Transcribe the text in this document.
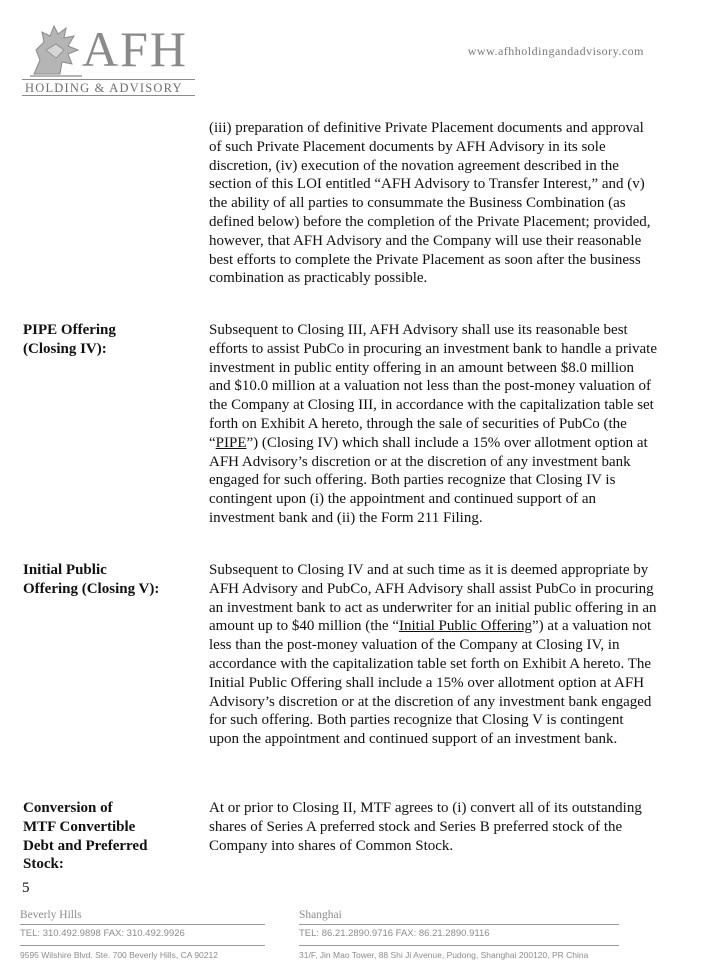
AFH
HOLDING & ADVISORY
www.afhholdingandadvisory.com

(iii) preparation of definitive Private Placement documents and approval of such Private Placement documents by AFH Advisory in its sole discretion, (iv) execution of the novation agreement described in the section of this LOI entitled “AFH Advisory to Transfer Interest,” and (v) the ability of all parties to consummate the Business Combination (as defined below) before the completion of the Private Placement; provided, however, that AFH Advisory and the Company will use their reasonable best efforts to complete the Private Placement as soon after the business combination as practicably possible.

PIPE Offering
(Closing IV):

Subsequent to Closing III, AFH Advisory shall use its reasonable best efforts to assist PubCo in procuring an investment bank to handle a private investment in public entity offering in an amount between $8.0 million and $10.0 million at a valuation not less than the post-money valuation of the Company at Closing III, in accordance with the capitalization table set forth on Exhibit A hereto, through the sale of securities of PubCo (the “PIPE”) (Closing IV) which shall include a 15% over allotment option at AFH Advisory’s discretion or at the discretion of any investment bank engaged for such offering. Both parties recognize that Closing IV is contingent upon (i) the appointment and continued support of an investment bank and (ii) the Form 211 Filing.

Initial Public
Offering (Closing V):

Subsequent to Closing IV and at such time as it is deemed appropriate by AFH Advisory and PubCo, AFH Advisory shall assist PubCo in procuring an investment bank to act as underwriter for an initial public offering in an amount up to $40 million (the “Initial Public Offering”) at a valuation not less than the post-money valuation of the Company at Closing IV, in accordance with the capitalization table set forth on Exhibit A hereto. The Initial Public Offering shall include a 15% over allotment option at AFH Advisory’s discretion or at the discretion of any investment bank engaged for such offering. Both parties recognize that Closing V is contingent upon the appointment and continued support of an investment bank.

Conversion of
MTF Convertible
Debt and Preferred
Stock:

At or prior to Closing II, MTF agrees to (i) convert all of its outstanding shares of Series A preferred stock and Series B preferred stock of the Company into shares of Common Stock.

5
Beverly Hills
TEL: 310.492.9898 FAX: 310.492.9926
9595 Wilshire Blvd. Ste. 700 Beverly Hills, CA 90212
Shanghai
TEL: 86.21.2890.9716 FAX: 86.21.2890.9116
31/F, Jin Mao Tower, 88 Shi Ji Avenue, Pudong, Shanghai 200120, PR China
